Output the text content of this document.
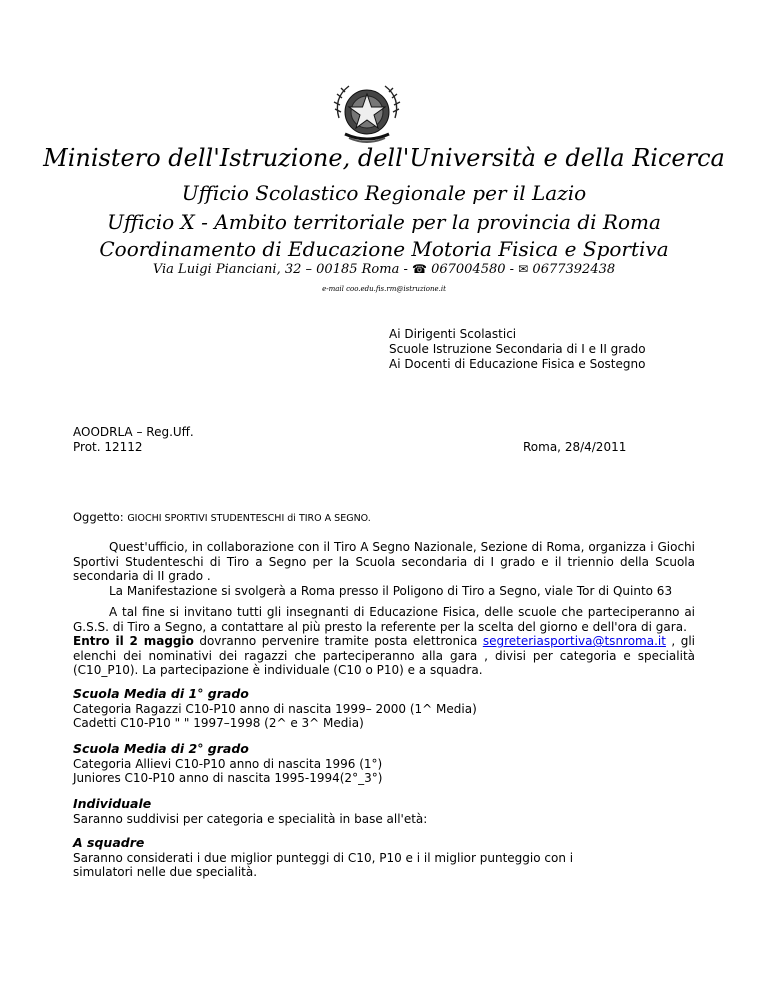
Ministero dell'Istruzione, dell'Università e della Ricerca
Ufficio Scolastico Regionale per il Lazio
Ufficio X - Ambito territoriale per la provincia di Roma
Coordinamento di Educazione Motoria Fisica e Sportiva
Via Luigi Pianciani, 32 – 00185 Roma - ☎ 067004580 - ✉ 0677392438
e-mail coo.edu.fis.rm@istruzione.it
Ai Dirigenti Scolastici
Scuole Istruzione Secondaria di I e II grado
Ai Docenti di Educazione Fisica e Sostegno
AOODRLA – Reg.Uff.
Prot. 12112	Roma, 28/4/2011
Oggetto: GIOCHI SPORTIVI STUDENTESCHI di TIRO A SEGNO.

Quest'ufficio, in collaborazione con il Tiro A Segno Nazionale, Sezione di Roma, organizza i Giochi Sportivi Studenteschi di Tiro a Segno per la Scuola secondaria di I grado e il triennio della Scuola secondaria di II grado .

La Manifestazione si svolgerà a Roma presso il Poligono di Tiro a Segno, viale Tor di Quinto 63

A tal fine si invitano tutti gli insegnanti di Educazione Fisica, delle scuole che parteciperanno ai G.S.S. di Tiro a Segno, a contattare al più presto la referente per la scelta del giorno e dell'ora di gara.

Entro il 2 maggio dovranno pervenire tramite posta elettronica segreteriasportiva@tsnroma.it , gli elenchi dei nominativi dei ragazzi che parteciperanno alla gara , divisi per categoria e specialità (C10_P10). La partecipazione è individuale (C10 o P10) e a squadra.

Scuola Media di 1° grado

Categoria Ragazzi C10-P10 anno di nascita 1999– 2000 (1^ Media)
Cadetti C10-P10 " " 1997–1998 (2^ e 3^ Media)

Scuola Media di 2° grado

Categoria Allievi C10-P10 anno di nascita 1996 (1°)
Juniores C10-P10 anno di nascita 1995-1994(2°_3°)

Individuale

Saranno suddivisi per categoria e specialità in base all'età:

A squadre

Saranno considerati i due miglior punteggi di C10, P10 e i il miglior punteggio con i
simulatori nelle due specialità.
